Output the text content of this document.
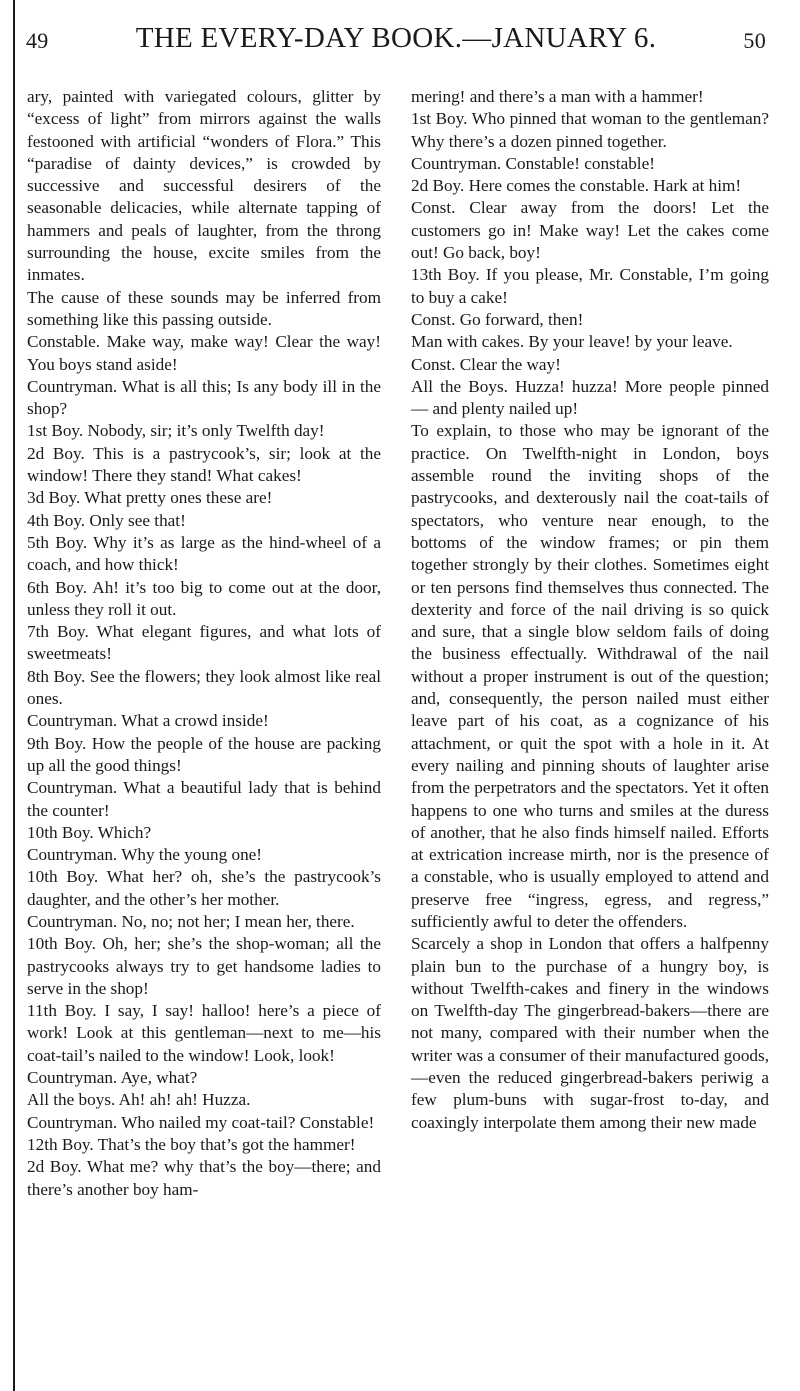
49	THE EVERY-DAY BOOK.—JANUARY 6.	50

ary, painted with variegated colours, glitter by “excess of light” from mirrors against the walls festooned with artificial “wonders of Flora.” This “paradise of dainty devices,” is crowded by successive and successful desirers of the seasonable delicacies, while alternate tapping of hammers and peals of laughter, from the throng surrounding the house, excite smiles from the inmates.

The cause of these sounds may be inferred from something like this passing outside.

Constable. Make way, make way! Clear the way! You boys stand aside!

Countryman. What is all this; Is any body ill in the shop?

1st Boy. Nobody, sir; it’s only Twelfth day!

2d Boy. This is a pastrycook’s, sir; look at the window! There they stand! What cakes!

3d Boy. What pretty ones these are!

4th Boy. Only see that!

5th Boy. Why it’s as large as the hind-wheel of a coach, and how thick!

6th Boy. Ah! it’s too big to come out at the door, unless they roll it out.

7th Boy. What elegant figures, and what lots of sweetmeats!

8th Boy. See the flowers; they look almost like real ones.

Countryman. What a crowd inside!

9th Boy. How the people of the house are packing up all the good things!

Countryman. What a beautiful lady that is behind the counter!

10th Boy. Which?

Countryman. Why the young one!

10th Boy. What her? oh, she’s the pastrycook’s daughter, and the other’s her mother.

Countryman. No, no; not her; I mean her, there.

10th Boy. Oh, her; she’s the shop-woman; all the pastrycooks always try to get handsome ladies to serve in the shop!

11th Boy. I say, I say! halloo! here’s a piece of work! Look at this gentleman—next to me—his coat-tail’s nailed to the window! Look, look!

Countryman. Aye, what?

All the boys. Ah! ah! ah! Huzza.

Countryman. Who nailed my coat-tail? Constable!

12th Boy. That’s the boy that’s got the hammer!

2d Boy. What me? why that’s the boy—there; and there’s another boy ham-

mering! and there’s a man with a hammer!

1st Boy. Who pinned that woman to the gentleman? Why there’s a dozen pinned together.

Countryman. Constable! constable!

2d Boy. Here comes the constable. Hark at him!

Const. Clear away from the doors! Let the customers go in! Make way! Let the cakes come out! Go back, boy!

13th Boy. If you please, Mr. Constable, I’m going to buy a cake!

Const. Go forward, then!

Man with cakes. By your leave! by your leave.

Const. Clear the way!

All the Boys. Huzza! huzza! More people pinned — and plenty nailed up!

To explain, to those who may be ignorant of the practice. On Twelfth-night in London, boys assemble round the inviting shops of the pastrycooks, and dexterously nail the coat-tails of spectators, who venture near enough, to the bottoms of the window frames; or pin them together strongly by their clothes. Sometimes eight or ten persons find themselves thus connected. The dexterity and force of the nail driving is so quick and sure, that a single blow seldom fails of doing the business effectually. Withdrawal of the nail without a proper instrument is out of the question; and, consequently, the person nailed must either leave part of his coat, as a cognizance of his attachment, or quit the spot with a hole in it. At every nailing and pinning shouts of laughter arise from the perpetrators and the spectators. Yet it often happens to one who turns and smiles at the duress of another, that he also finds himself nailed. Efforts at extrication increase mirth, nor is the presence of a constable, who is usually employed to attend and preserve free “ingress, egress, and regress,” sufficiently awful to deter the offenders.

Scarcely a shop in London that offers a halfpenny plain bun to the purchase of a hungry boy, is without Twelfth-cakes and finery in the windows on Twelfth-day The gingerbread-bakers—there are not many, compared with their number when the writer was a consumer of their manufactured goods,—even the reduced gingerbread-bakers periwig a few plum-buns with sugar-frost to-day, and coaxingly interpolate them among their new made
